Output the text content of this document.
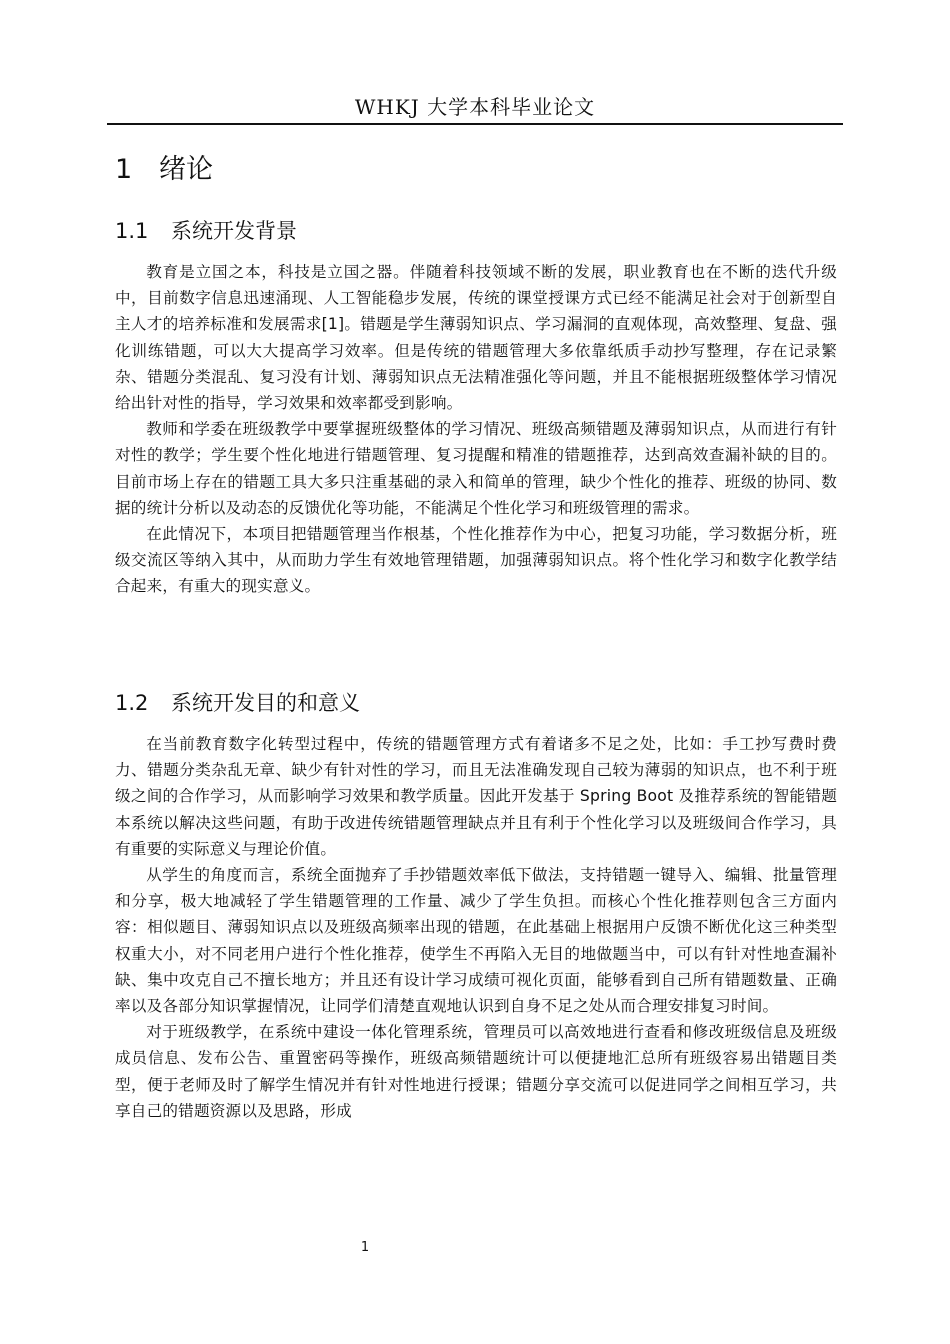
WHKJ 大学本科毕业论文
1 绪论
1.1 系统开发背景

教育是立国之本，科技是立国之器。伴随着科技领域不断的发展，职业教育也在不断的迭代升级中，目前数字信息迅速涌现、人工智能稳步发展，传统的课堂授课方式已经不能满足社会对于创新型自主人才的培养标准和发展需求[1]。错题是学生薄弱知识点、学习漏洞的直观体现，高效整理、复盘、强化训练错题，可以大大提高学习效率。但是传统的错题管理大多依靠纸质手动抄写整理，存在记录繁杂、错题分类混乱、复习没有计划、薄弱知识点无法精准强化等问题，并且不能根据班级整体学习情况给出针对性的指导，学习效果和效率都受到影响。

教师和学委在班级教学中要掌握班级整体的学习情况、班级高频错题及薄弱知识点，从而进行有针对性的教学；学生要个性化地进行错题管理、复习提醒和精准的错题推荐，达到高效查漏补缺的目的。目前市场上存在的错题工具大多只注重基础的录入和简单的管理，缺少个性化的推荐、班级的协同、数据的统计分析以及动态的反馈优化等功能，不能满足个性化学习和班级管理的需求。

在此情况下，本项目把错题管理当作根基，个性化推荐作为中心，把复习功能，学习数据分析，班级交流区等纳入其中，从而助力学生有效地管理错题，加强薄弱知识点。将个性化学习和数字化教学结合起来，有重大的现实意义。

1.2 系统开发目的和意义

在当前教育数字化转型过程中，传统的错题管理方式有着诸多不足之处，比如：手工抄写费时费力、错题分类杂乱无章、缺少有针对性的学习，而且无法准确发现自己较为薄弱的知识点，也不利于班级之间的合作学习，从而影响学习效果和教学质量。因此开发基于 Spring Boot 及推荐系统的智能错题本系统以解决这些问题，有助于改进传统错题管理缺点并且有利于个性化学习以及班级间合作学习，具有重要的实际意义与理论价值。

从学生的角度而言，系统全面抛弃了手抄错题效率低下做法，支持错题一键导入、编辑、批量管理和分享，极大地减轻了学生错题管理的工作量、减少了学生负担。而核心个性化推荐则包含三方面内容：相似题目、薄弱知识点以及班级高频率出现的错题，在此基础上根据用户反馈不断优化这三种类型权重大小，对不同老用户进行个性化推荐，使学生不再陷入无目的地做题当中，可以有针对性地查漏补缺、集中攻克自己不擅长地方；并且还有设计学习成绩可视化页面，能够看到自己所有错题数量、正确率以及各部分知识掌握情况，让同学们清楚直观地认识到自身不足之处从而合理安排复习时间。

对于班级教学，在系统中建设一体化管理系统，管理员可以高效地进行查看和修改班级信息及班级成员信息、发布公告、重置密码等操作，班级高频错题统计可以便捷地汇总所有班级容易出错题目类型，便于老师及时了解学生情况并有针对性地进行授课；错题分享交流可以促进同学之间相互学习，共享自己的错题资源以及思路，形成

1
